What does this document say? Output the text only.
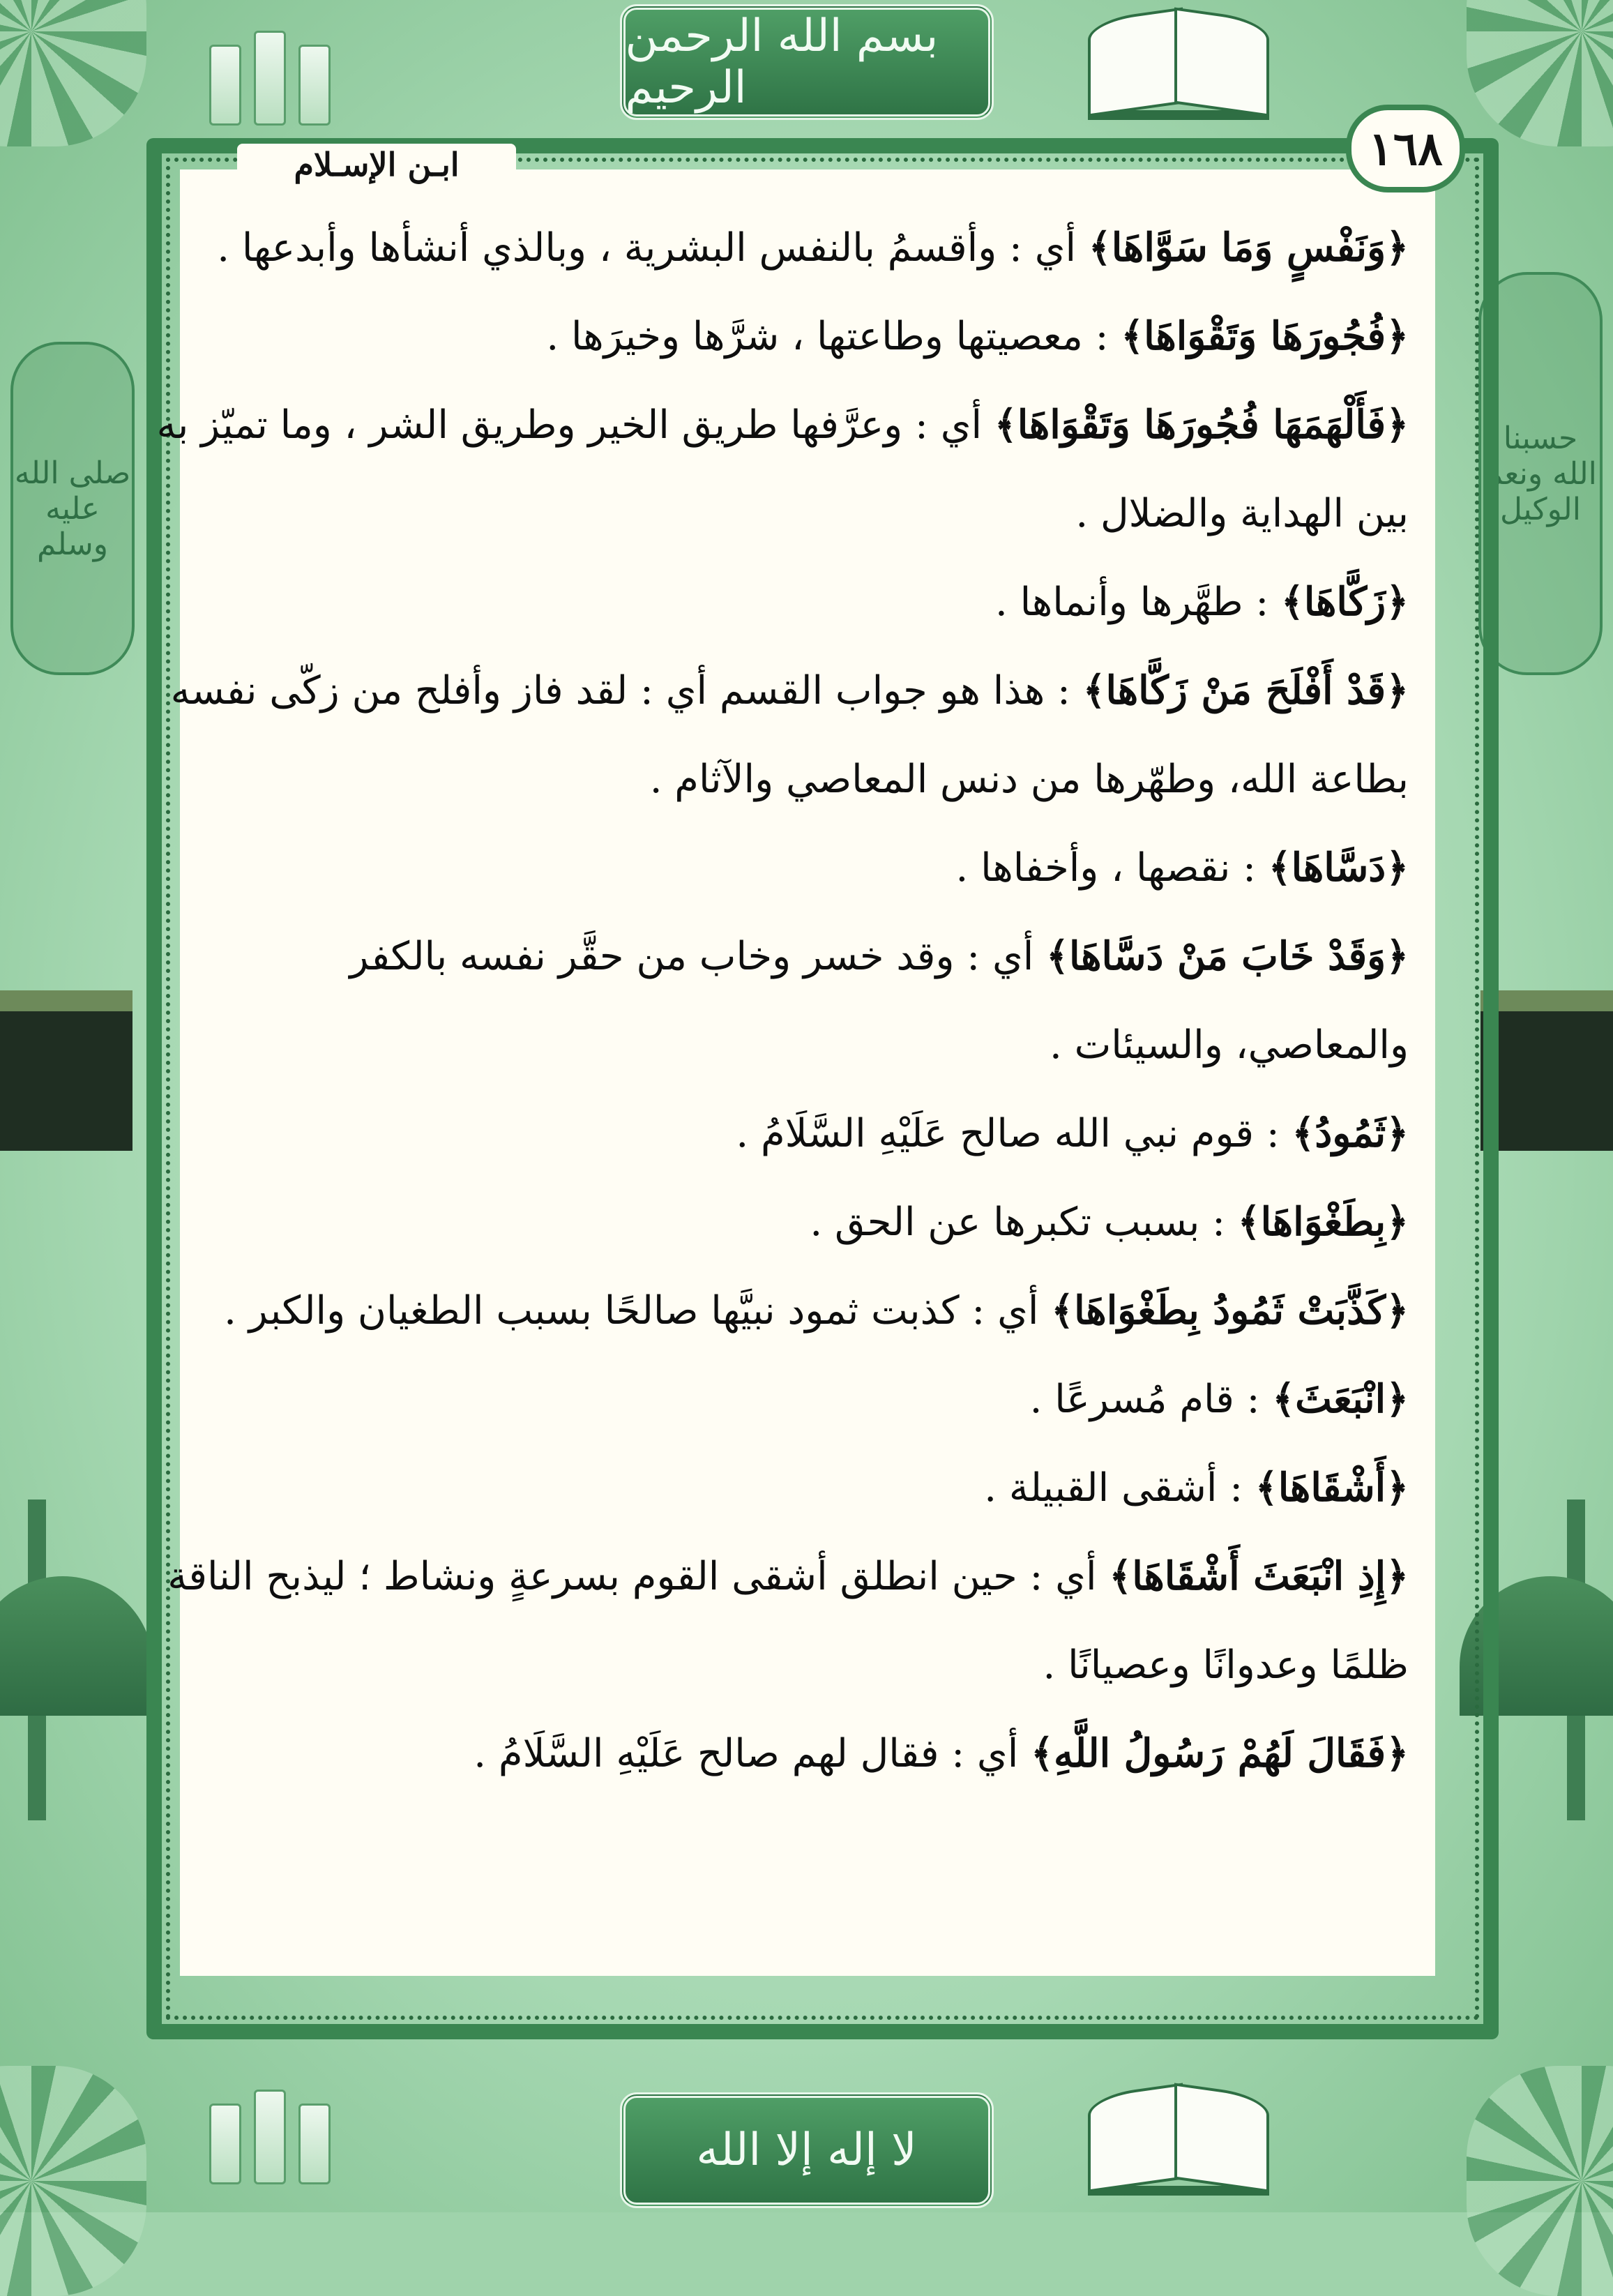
بسم الله الرحمن الرحيم
لا إله إلا الله
صلى الله عليه وسلم
حسبنا الله ونعم الوكيل
١٦٨
ابـن الإسـلام

﴿وَنَفْسٍ وَمَا سَوَّاهَا﴾ أي : وأقسمُ بالنفس البشرية ، وبالذي أنشأها وأبدعها .

﴿فُجُورَهَا وَتَقْوَاهَا﴾ : معصيتها وطاعتها ، شرَّها وخيرَها .

﴿فَأَلْهَمَهَا فُجُورَهَا وَتَقْوَاهَا﴾ أي : وعرَّفها طريق الخير وطريق الشر ، وما تميّز به

بين الهداية والضلال .

﴿زَكَّاهَا﴾ : طهَّرها وأنماها .

﴿قَدْ أَفْلَحَ مَنْ زَكَّاهَا﴾ : هذا هو جواب القسم أي : لقد فاز وأفلح من زكّى نفسه

بطاعة الله، وطهّرها من دنس المعاصي والآثام .

﴿دَسَّاهَا﴾ : نقصها ، وأخفاها .

﴿وَقَدْ خَابَ مَنْ دَسَّاهَا﴾ أي : وقد خسر وخاب من حقَّر نفسه بالكفر

والمعاصي، والسيئات .

﴿ثَمُودُ﴾ : قوم نبي الله صالح عَلَيْهِ السَّلَامُ .

﴿بِطَغْوَاهَا﴾ : بسبب تكبرها عن الحق .

﴿كَذَّبَتْ ثَمُودُ بِطَغْوَاهَا﴾ أي : كذبت ثمود نبيَّها صالحًا بسبب الطغيان والكبر .

﴿انْبَعَثَ﴾ : قام مُسرعًا .

﴿أَشْقَاهَا﴾ : أشقى القبيلة .

﴿إِذِ انْبَعَثَ أَشْقَاهَا﴾ أي : حين انطلق أشقى القوم بسرعةٍ ونشاط ؛ ليذبح الناقة

ظلمًا وعدوانًا وعصيانًا .

﴿فَقَالَ لَهُمْ رَسُولُ اللَّهِ﴾ أي : فقال لهم صالح عَلَيْهِ السَّلَامُ .
